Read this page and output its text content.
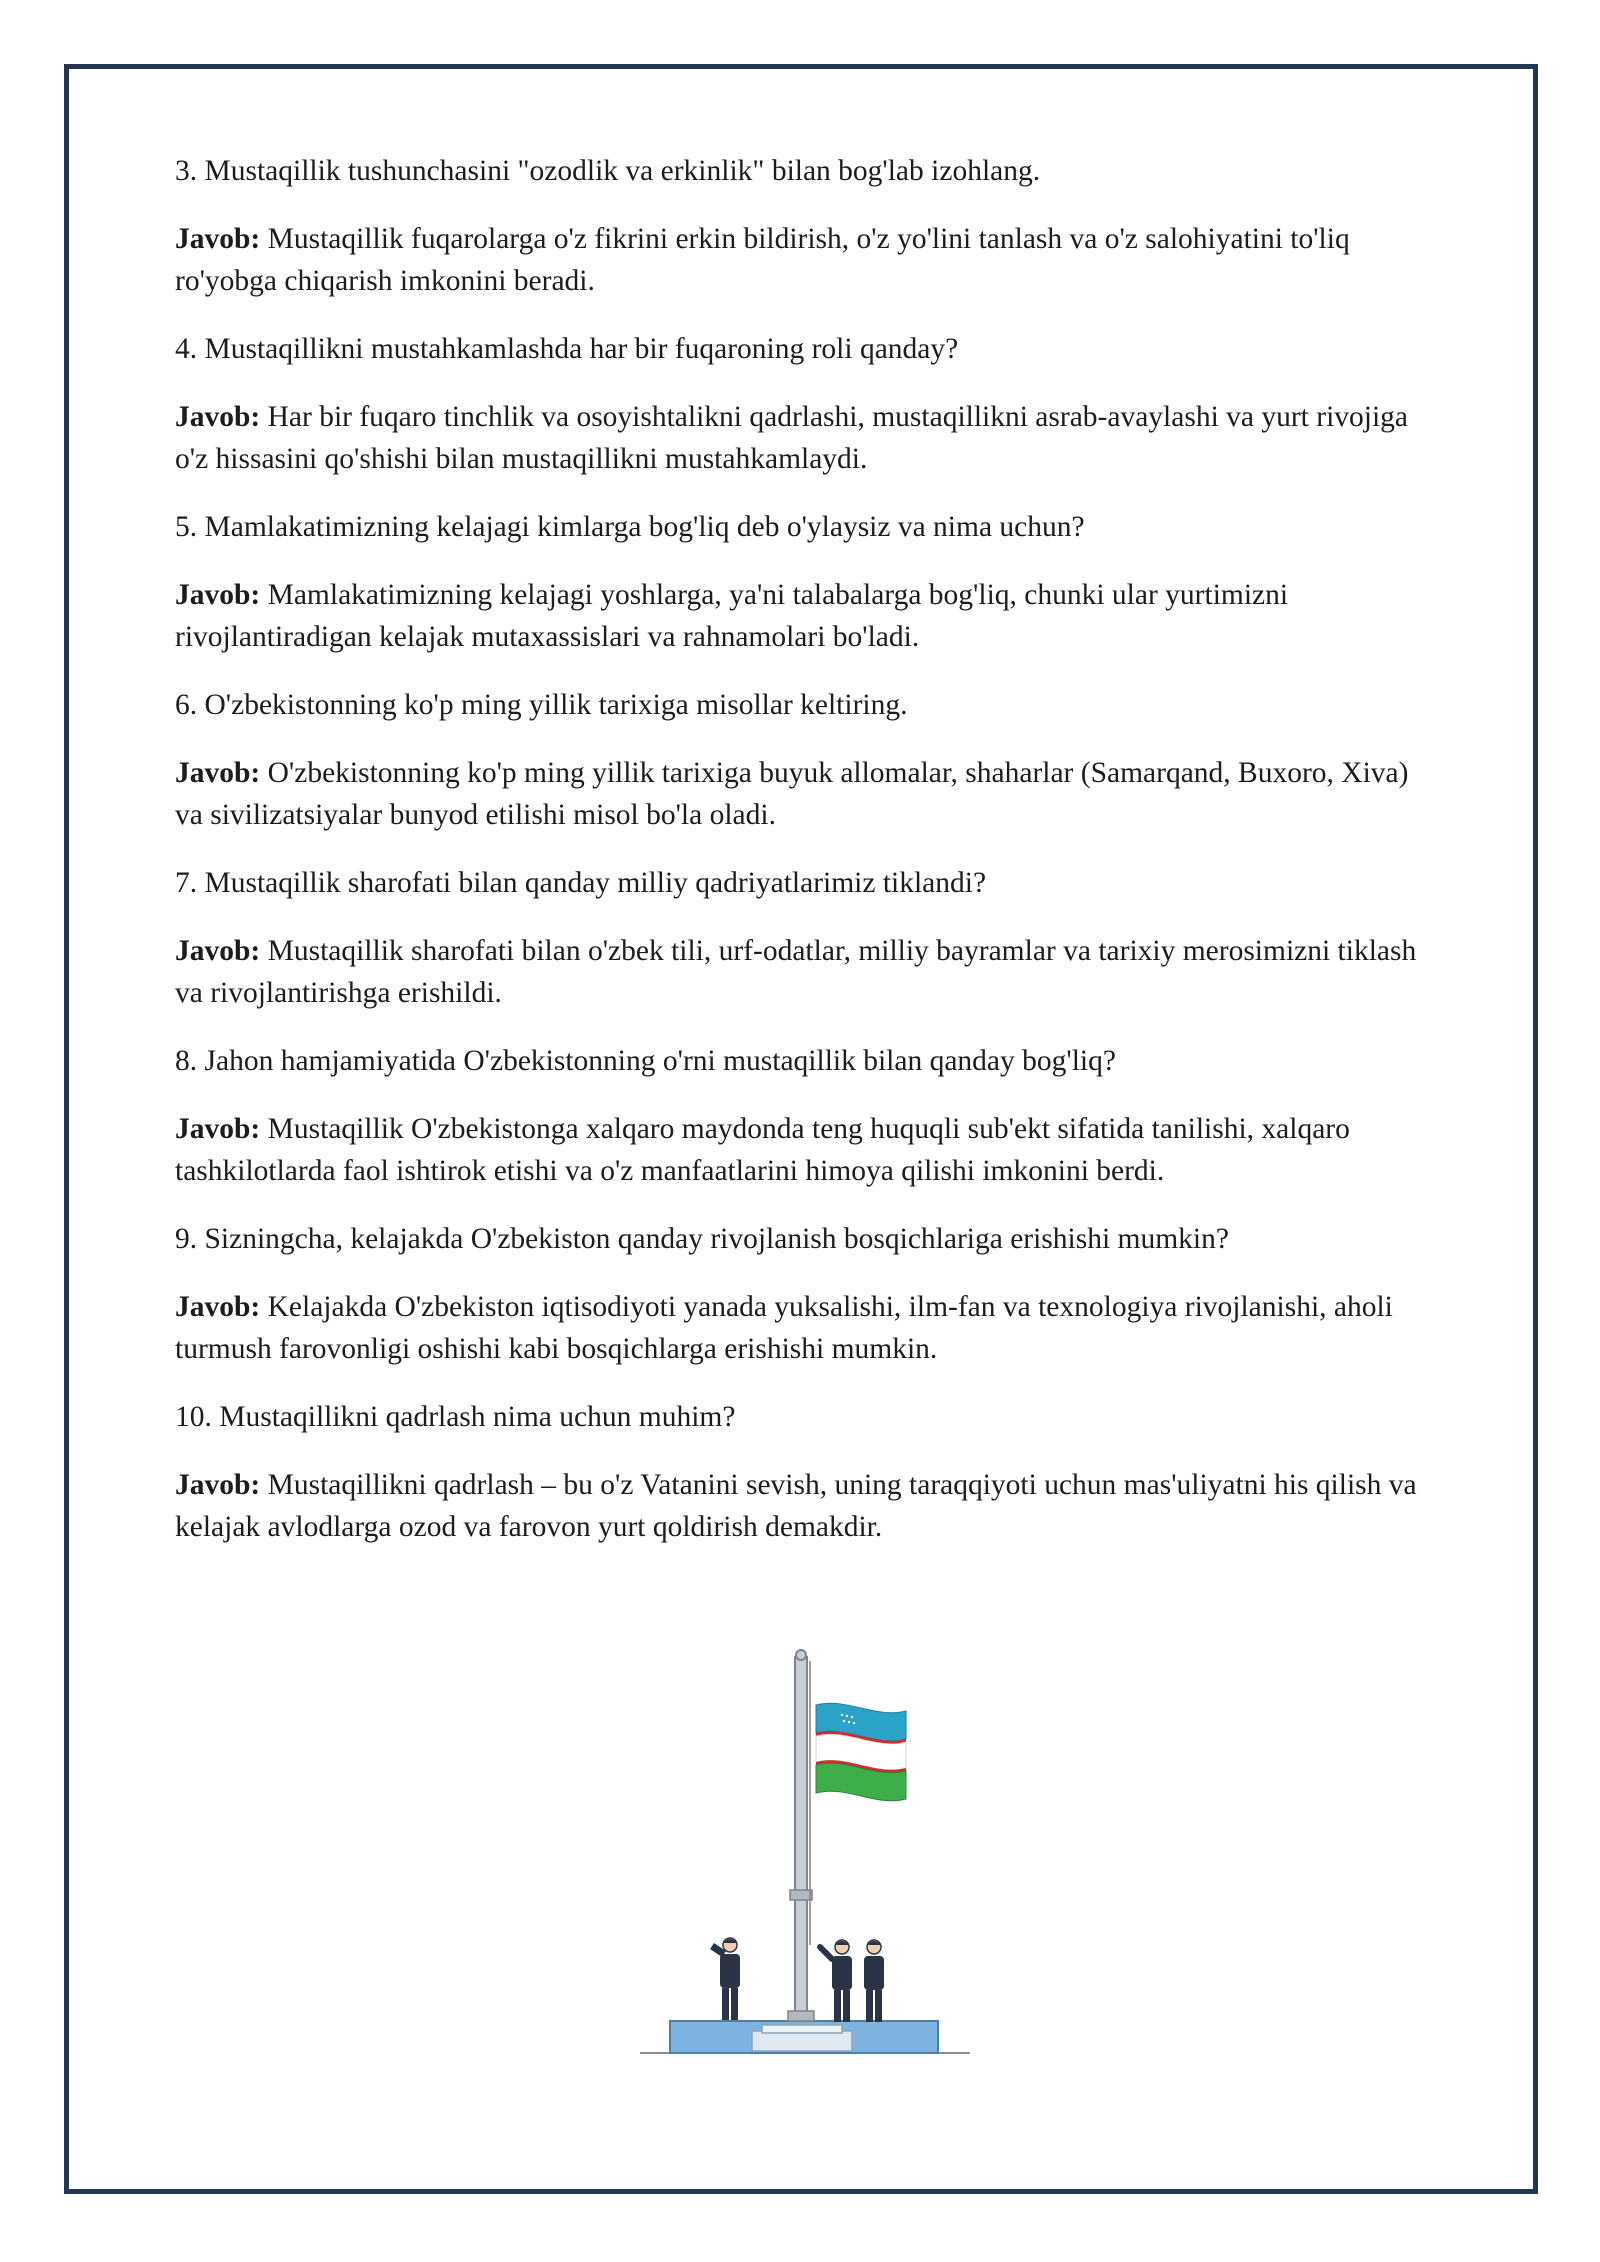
3. Mustaqillik tushunchasini "ozodlik va erkinlik" bilan bog'lab izohlang.

Javob: Mustaqillik fuqarolarga o'z fikrini erkin bildirish, o'z yo'lini tanlash va o'z salohiyatini to'liq ro'yobga chiqarish imkonini beradi.

4. Mustaqillikni mustahkamlashda har bir fuqaroning roli qanday?

Javob: Har bir fuqaro tinchlik va osoyishtalikni qadrlashi, mustaqillikni asrab-avaylashi va yurt rivojiga o'z hissasini qo'shishi bilan mustaqillikni mustahkamlaydi.

5. Mamlakatimizning kelajagi kimlarga bog'liq deb o'ylaysiz va nima uchun?

Javob: Mamlakatimizning kelajagi yoshlarga, ya'ni talabalarga bog'liq, chunki ular yurtimizni rivojlantiradigan kelajak mutaxassislari va rahnamolari bo'ladi.

6. O'zbekistonning ko'p ming yillik tarixiga misollar keltiring.

Javob: O'zbekistonning ko'p ming yillik tarixiga buyuk allomalar, shaharlar (Samarqand, Buxoro, Xiva) va sivilizatsiyalar bunyod etilishi misol bo'la oladi.

7. Mustaqillik sharofati bilan qanday milliy qadriyatlarimiz tiklandi?

Javob: Mustaqillik sharofati bilan o'zbek tili, urf-odatlar, milliy bayramlar va tarixiy merosimizni tiklash va rivojlantirishga erishildi.

8. Jahon hamjamiyatida O'zbekistonning o'rni mustaqillik bilan qanday bog'liq?

Javob: Mustaqillik O'zbekistonga xalqaro maydonda teng huquqli sub'ekt sifatida tanilishi, xalqaro tashkilotlarda faol ishtirok etishi va o'z manfaatlarini himoya qilishi imkonini berdi.

9. Sizningcha, kelajakda O'zbekiston qanday rivojlanish bosqichlariga erishishi mumkin?

Javob: Kelajakda O'zbekiston iqtisodiyoti yanada yuksalishi, ilm-fan va texnologiya rivojlanishi, aholi turmush farovonligi oshishi kabi bosqichlarga erishishi mumkin.

10. Mustaqillikni qadrlash nima uchun muhim?

Javob: Mustaqillikni qadrlash – bu o'z Vatanini sevish, uning taraqqiyoti uchun mas'uliyatni his qilish va kelajak avlodlarga ozod va farovon yurt qoldirish demakdir.
